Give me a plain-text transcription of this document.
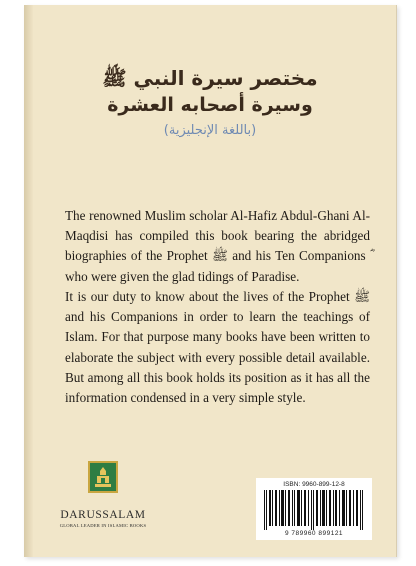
مختصر سيرة النبي ﷺ
وسيرة أصحابه العشرة
(باللغة الإنجليزية)

The renowned Muslim scholar Al-Hafiz Abdul-Ghani Al-Maqdisi has compiled this book bearing the abridged biographies of the Prophet ﷺ and his Ten Companions ؓ who were given the glad tidings of Paradise.

It is our duty to know about the lives of the Prophet ﷺ and his Companions in order to learn the teachings of Islam. For that purpose many books have been written to elaborate the subject with every possible detail available. But among all this book holds its position as it has all the information condensed in a very simple style.

DARUSSALAM
GLOBAL LEADER IN ISLAMIC BOOKS
ISBN: 9960-899-12-8
9 789960 899121
